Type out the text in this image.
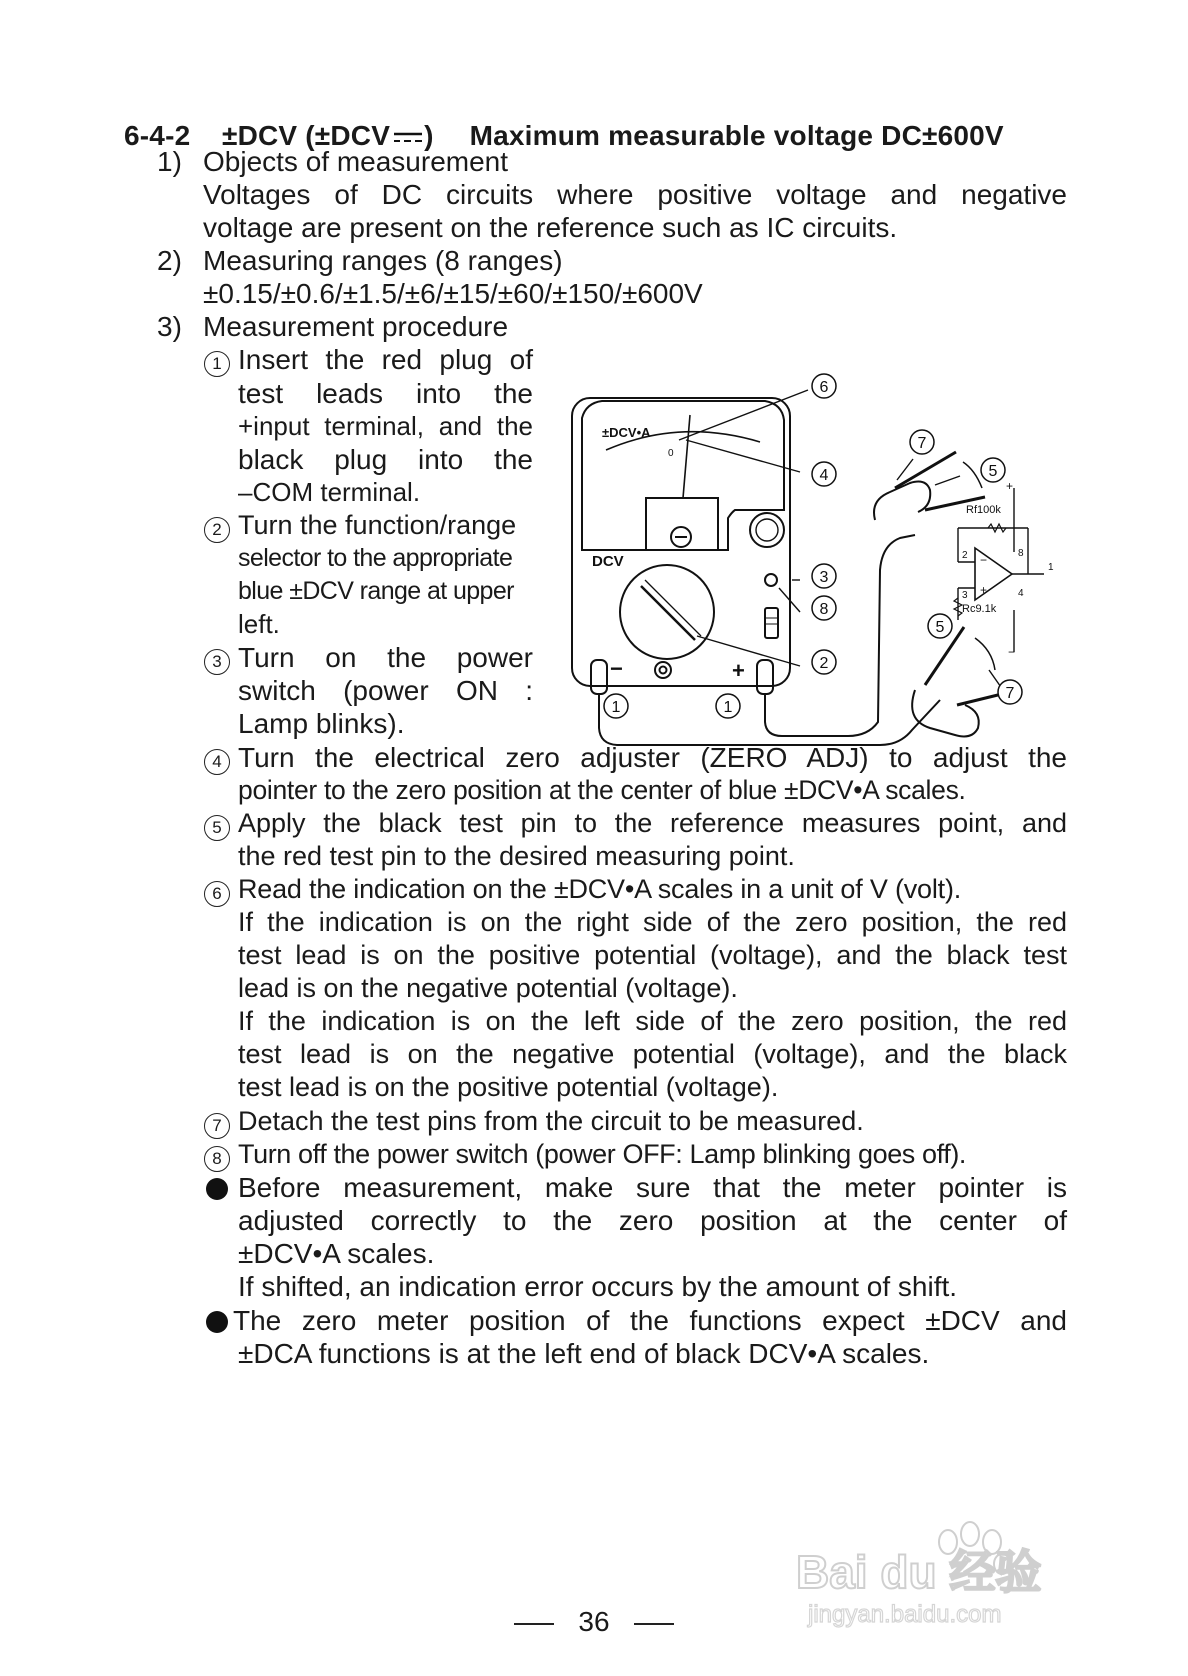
6-4-2 ±DCV (±DCV ) Maximum measurable voltage DC±600V
1) Objects of measurement
Voltages of DC circuits where positive voltage and negative
voltage are present on the reference such as IC circuits.
2) Measuring ranges (8 ranges)
±0.15/±0.6/±1.5/±6/±15/±60/±150/±600V
3) Measurement procedure
1 Insert the red plug of
test leads into the
+input terminal, and the
black plug into the
–COM terminal.
2 Turn the function/range
selector to the appropriate
blue ±DCV range at upper
left.
3 Turn on the power
switch (power ON :
Lamp blinks).
4 Turn the electrical zero adjuster (ZERO ADJ) to adjust the
pointer to the zero position at the center of blue ±DCV•A scales.
5 Apply the black test pin to the reference measures point, and
the red test pin to the desired measuring point.
6 Read the indication on the ±DCV•A scales in a unit of V (volt).
If the indication is on the right side of the zero position, the red
test lead is on the positive potential (voltage), and the black test
lead is on the negative potential (voltage).
If the indication is on the left side of the zero position, the red
test lead is on the negative potential (voltage), and the black
test lead is on the positive potential (voltage).
7 Detach the test pins from the circuit to be measured.
8 Turn off the power switch (power OFF: Lamp blinking goes off).
Before measurement, make sure that the meter pointer is
adjusted correctly to the zero position at the center of
±DCV•A scales.
If shifted, an indication error occurs by the amount of shift.
The zero meter position of the functions expect ±DCV and
±DCA functions is at the left end of black DCV•A scales.
±DCV•A
0
DCV
−	+
Rf100k
Rc9.1k
2
3
8
4
1
−
+
+
−
6
4
3
8
2
1	1
7
5
5
7
36
Bai du 经验
jingyan.baidu.com
